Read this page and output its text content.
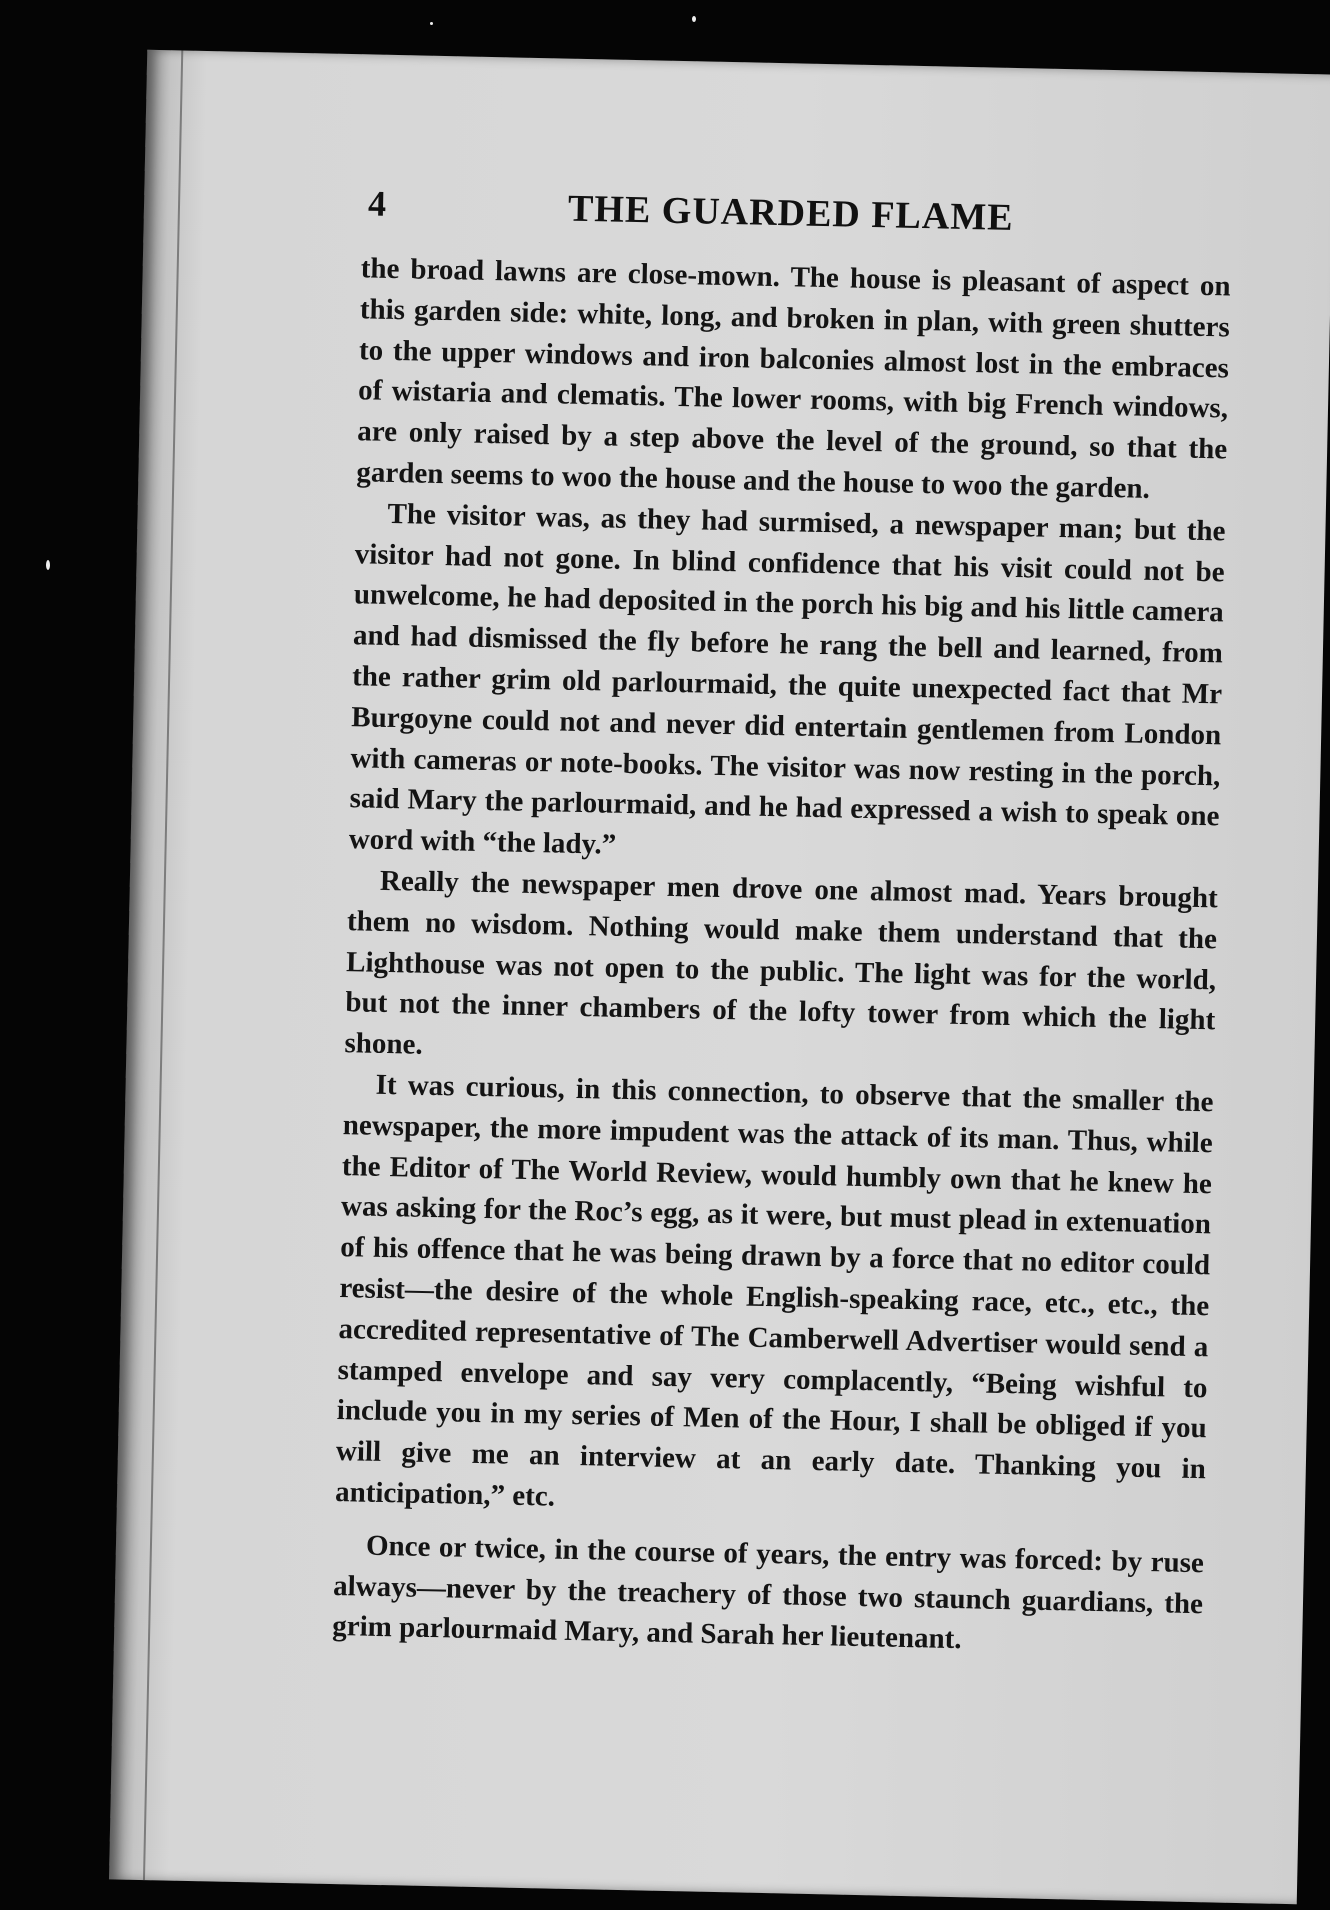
4	THE GUARDED FLAME

the broad lawns are close-mown. The house is pleasant of aspect on this garden side: white, long, and broken in plan, with green shutters to the upper windows and iron balconies almost lost in the embraces of wistaria and clematis. The lower rooms, with big French windows, are only raised by a step above the level of the ground, so that the garden seems to woo the house and the house to woo the garden.

The visitor was, as they had surmised, a newspaper man; but the visitor had not gone. In blind confidence that his visit could not be unwelcome, he had deposited in the porch his big and his little camera and had dismissed the fly before he rang the bell and learned, from the rather grim old parlourmaid, the quite unexpected fact that Mr Burgoyne could not and never did entertain gentlemen from London with cameras or note-books. The visitor was now resting in the porch, said Mary the parlourmaid, and he had expressed a wish to speak one word with “the lady.”

Really the newspaper men drove one almost mad. Years brought them no wisdom. Nothing would make them understand that the Lighthouse was not open to the public. The light was for the world, but not the inner chambers of the lofty tower from which the light shone.

It was curious, in this connection, to observe that the smaller the newspaper, the more impudent was the attack of its man. Thus, while the Editor of The World Review, would humbly own that he knew he was asking for the Roc’s egg, as it were, but must plead in extenuation of his offence that he was being drawn by a force that no editor could resist—the desire of the whole English-speaking race, etc., etc., the accredited representative of The Camberwell Advertiser would send a stamped envelope and say very complacently, “Being wishful to include you in my series of Men of the Hour, I shall be obliged if you will give me an interview at an early date. Thanking you in anticipation,” etc.

Once or twice, in the course of years, the entry was forced: by ruse always—never by the treachery of those two staunch guardians, the grim parlourmaid Mary, and Sarah her lieutenant.
